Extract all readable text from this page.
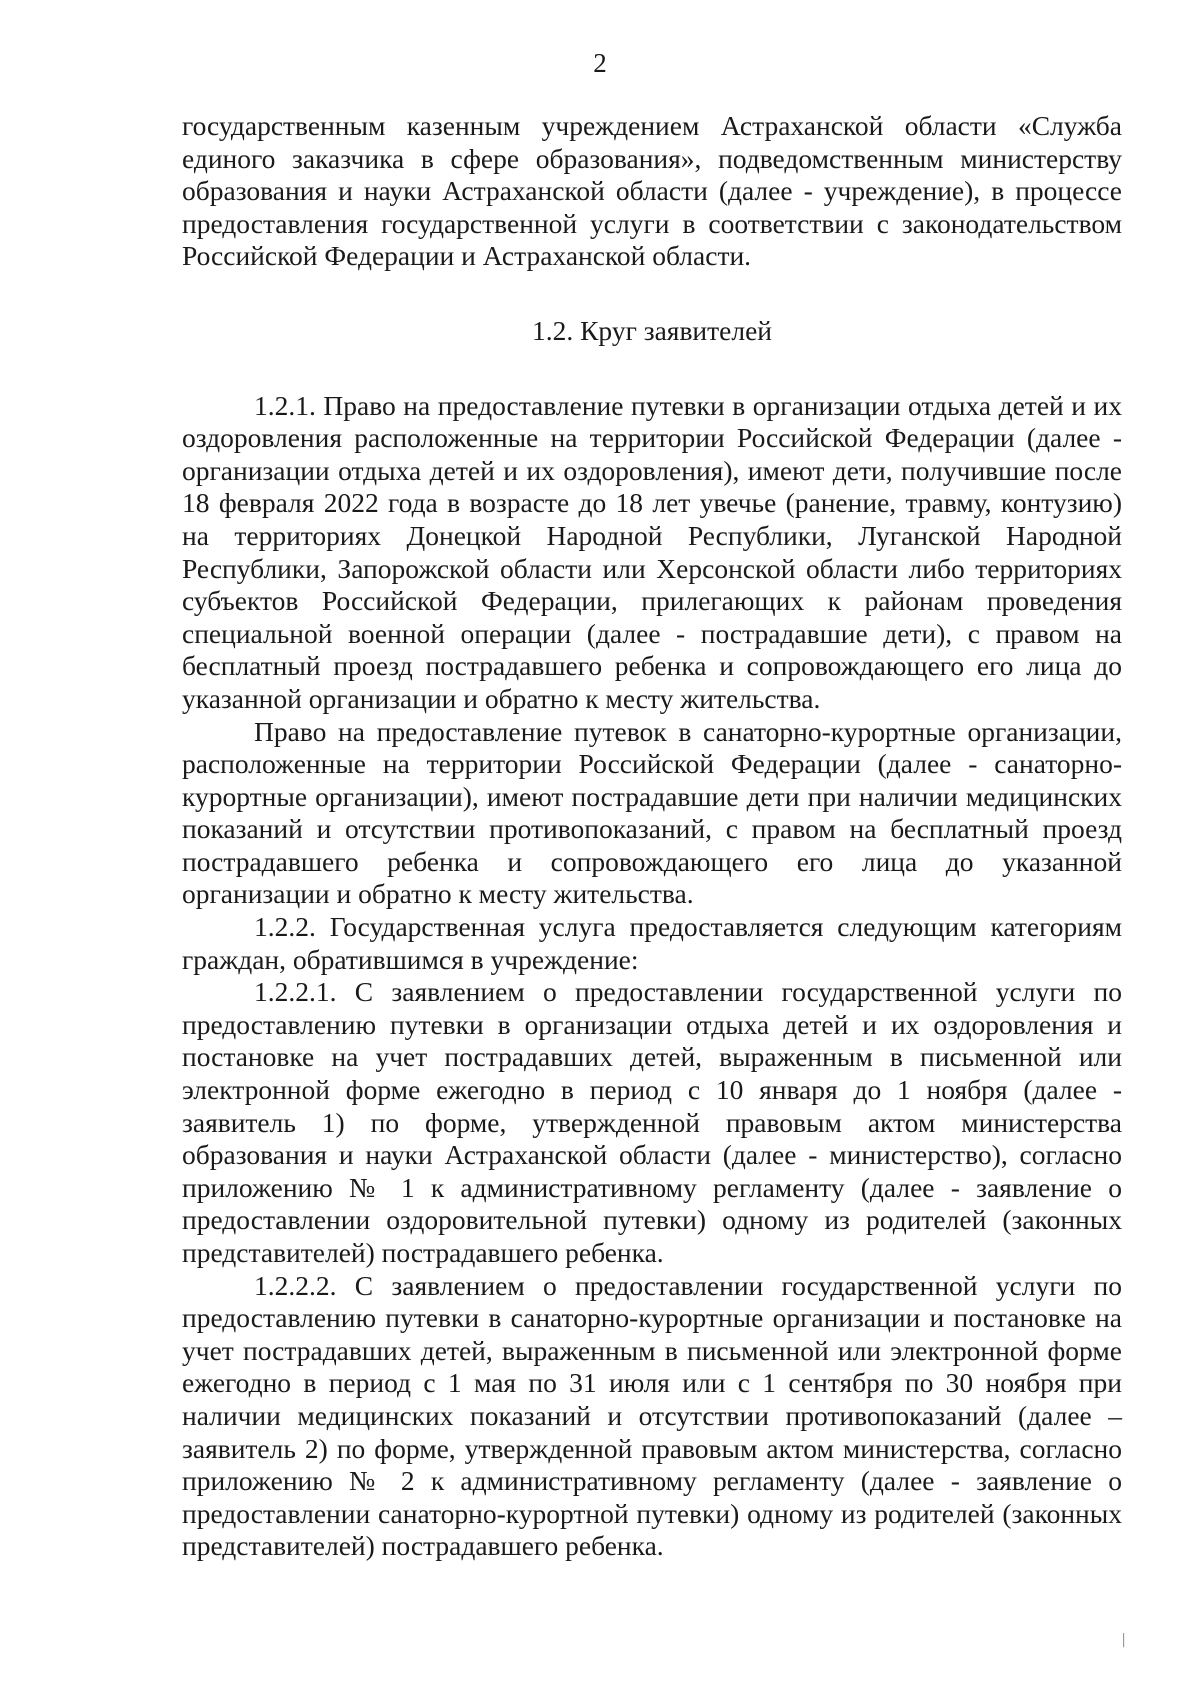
2

государственным казенным учреждением Астраханской области «Служба единого заказчика в сфере образования», подведомственным министерству образования и науки Астраханской области (далее - учреждение), в процессе предоставления государственной услуги в соответствии с законодательством Российской Федерации и Астраханской области.

1.2. Круг заявителей

1.2.1. Право на предоставление путевки в организации отдыха детей и их оздоровления расположенные на территории Российской Федерации (далее - организации отдыха детей и их оздоровления), имеют дети, получившие после 18 февраля 2022 года в возрасте до 18 лет увечье (ранение, травму, контузию) на территориях Донецкой Народной Республики, Луганской Народной Республики, Запорожской области или Херсонской области либо территориях субъектов Российской Федерации, прилегающих к районам проведения специальной военной операции (далее - пострадавшие дети), с правом на бесплатный проезд пострадавшего ребенка и сопровождающего его лица до указанной организации и обратно к месту жительства.

Право на предоставление путевок в санаторно-курортные организации, расположенные на территории Российской Федерации (далее - санаторно-курортные организации), имеют пострадавшие дети при наличии медицинских показаний и отсутствии противопоказаний, с правом на бесплатный проезд пострадавшего ребенка и сопровождающего его лица до указанной организации и обратно к месту жительства.

1.2.2. Государственная услуга предоставляется следующим категориям граждан, обратившимся в учреждение:

1.2.2.1. С заявлением о предоставлении государственной услуги по предоставлению путевки в организации отдыха детей и их оздоровления и постановке на учет пострадавших детей, выраженным в письменной или электронной форме ежегодно в период с 10 января до 1 ноября (далее - заявитель 1) по форме, утвержденной правовым актом министерства образования и науки Астраханской области (далее - министерство), согласно приложению № 1 к административному регламенту (далее - заявление о предоставлении оздоровительной путевки) одному из родителей (законных представителей) пострадавшего ребенка.

1.2.2.2. С заявлением о предоставлении государственной услуги по предоставлению путевки в санаторно-курортные организации и постановке на учет пострадавших детей, выраженным в письменной или электронной форме ежегодно в период с 1 мая по 31 июля или с 1 сентября по 30 ноября при наличии медицинских показаний и отсутствии противопоказаний (далее – заявитель 2) по форме, утвержденной правовым актом министерства, согласно приложению № 2 к административному регламенту (далее - заявление о предоставлении санаторно-курортной путевки) одному из родителей (законных представителей) пострадавшего ребенка.

|
